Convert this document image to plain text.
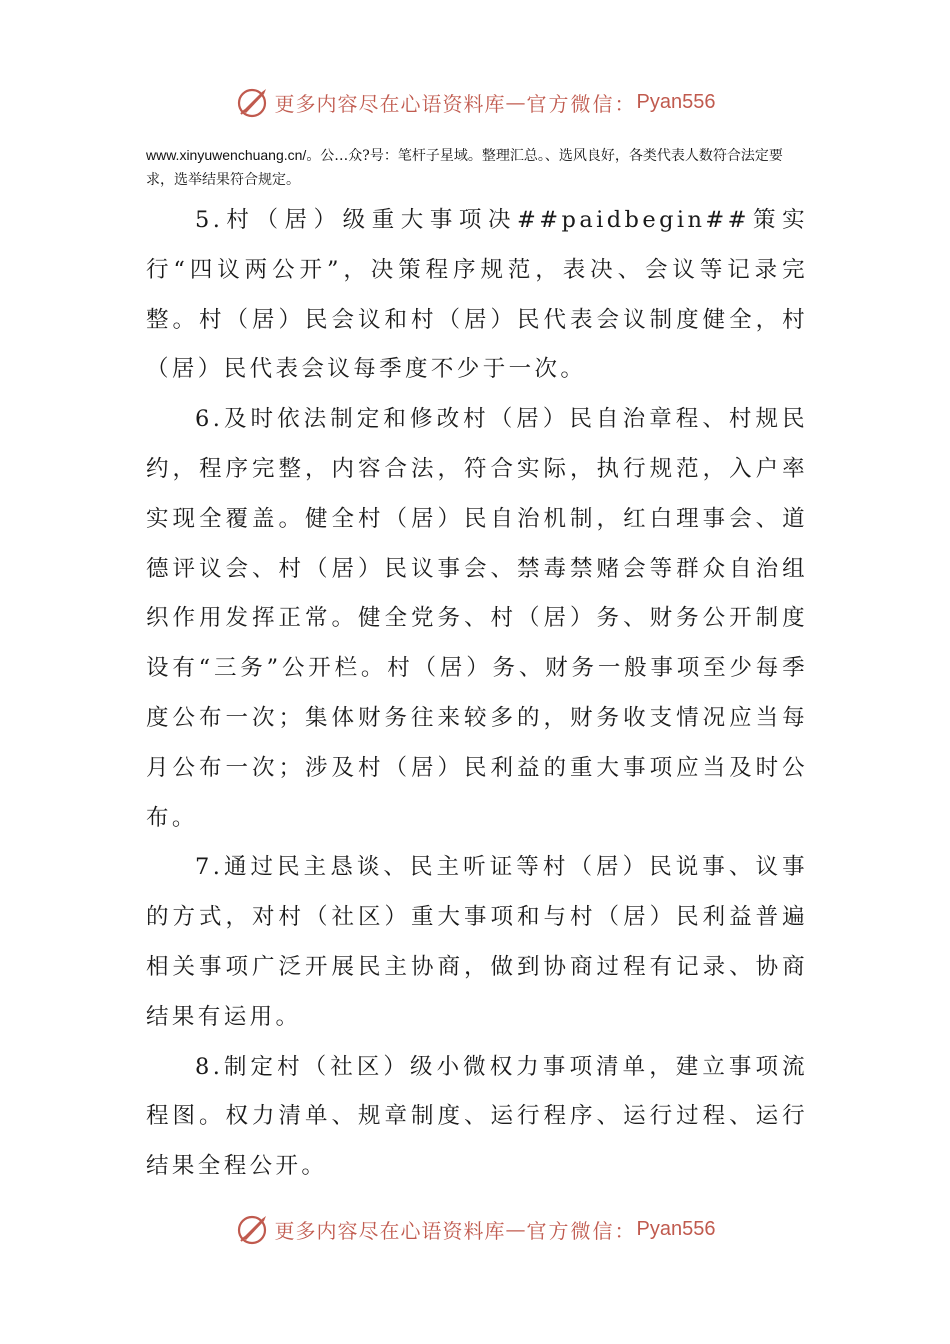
更多内容尽在心语资料库 — 官方微信： Pyan556
www.xinyuwenchuang.cn/。公…众?号：笔杆子星域。整理汇总。、选风良好，各类代表人数符合法定要求，选举结果符合规定。

5.村（居）级重大事项决##paidbegin##策实行“四议两公开”，决策程序规范，表决、会议等记录完整。村（居）民会议和村（居）民代表会议制度健全，村（居）民代表会议每季度不少于一次。

6.及时依法制定和修改村（居）民自治章程、村规民约，程序完整，内容合法，符合实际，执行规范，入户率实现全覆盖。健全村（居）民自治机制，红白理事会、道德评议会、村（居）民议事会、禁毒禁赌会等群众自治组织作用发挥正常。健全党务、村（居）务、财务公开制度设有“三务”公开栏。村（居）务、财务一般事项至少每季度公布一次；集体财务往来较多的，财务收支情况应当每月公布一次；涉及村（居）民利益的重大事项应当及时公布。

7.通过民主恳谈、民主听证等村（居）民说事、议事的方式，对村（社区）重大事项和与村（居）民利益普遍相关事项广泛开展民主协商，做到协商过程有记录、协商结果有运用。

8.制定村（社区）级小微权力事项清单，建立事项流程图。权力清单、规章制度、运行程序、运行过程、运行结果全程公开。

更多内容尽在心语资料库 — 官方微信： Pyan556
